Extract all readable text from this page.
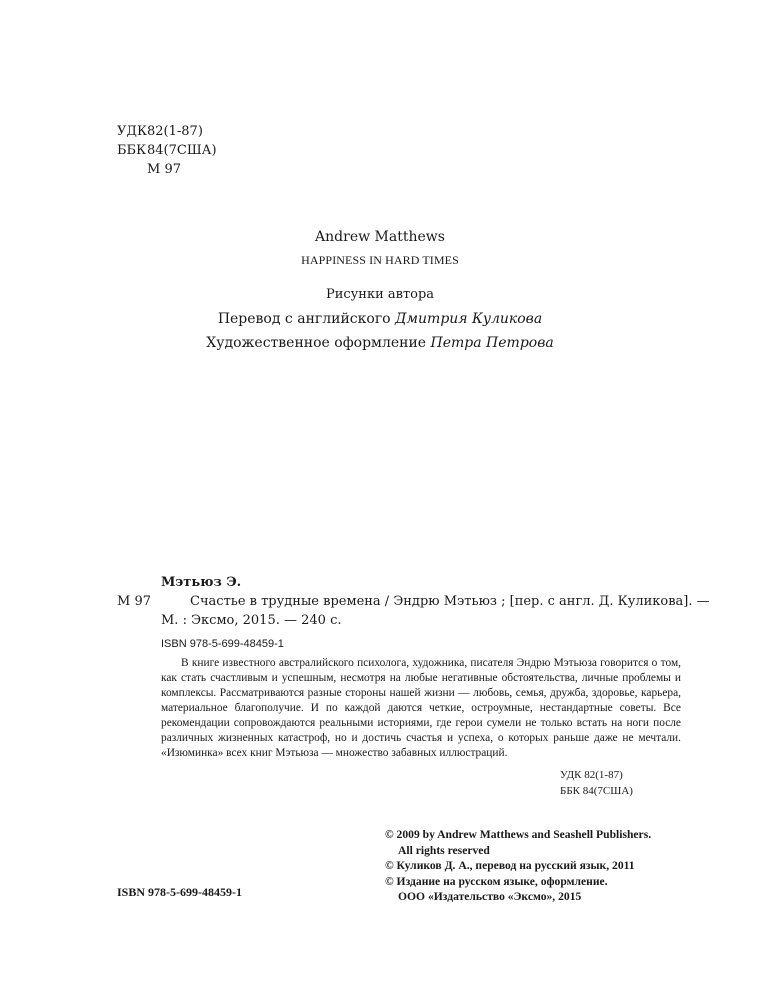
УДК 82(1-87)
ББК 84(7США)
М 97
Andrew Matthews
HAPPINESS IN HARD TIMES
Рисунки автора
Перевод с английского Дмитрия Куликова
Художественное оформление Петра Петрова
Мэтьюз Э.
М 97	Счастье в трудные времена / Эндрю Мэтьюз ; [пер. с англ. Д. Куликова]. —
М. : Эксмо, 2015. — 240 с.
ISBN 978-5-699-48459-1

В книге известного австралийского психолога, художника, писателя Эндрю Мэтьюза говорится о том, как стать счастливым и успешным, несмотря на любые негативные обстоятельства, личные проблемы и комплексы. Рассматриваются разные стороны нашей жизни — любовь, семья, дружба, здоровье, карьера, материальное благополучие. И по каждой даются четкие, остроумные, нестандартные советы. Все рекомендации сопровождаются реальными историями, где герои сумели не только встать на ноги после различных жизненных катастроф, но и достичь счастья и успеха, о которых раньше даже не мечтали. «Изюминка» всех книг Мэтьюза — множество забавных иллюстраций.

УДК 82(1-87)
ББК 84(7США)
© 2009 by Andrew Matthews and Seashell Publishers.
All rights reserved
© Куликов Д. А., перевод на русский язык, 2011
© Издание на русском языке, оформление.
ООО «Издательство «Эксмо», 2015
ISBN 978-5-699-48459-1
